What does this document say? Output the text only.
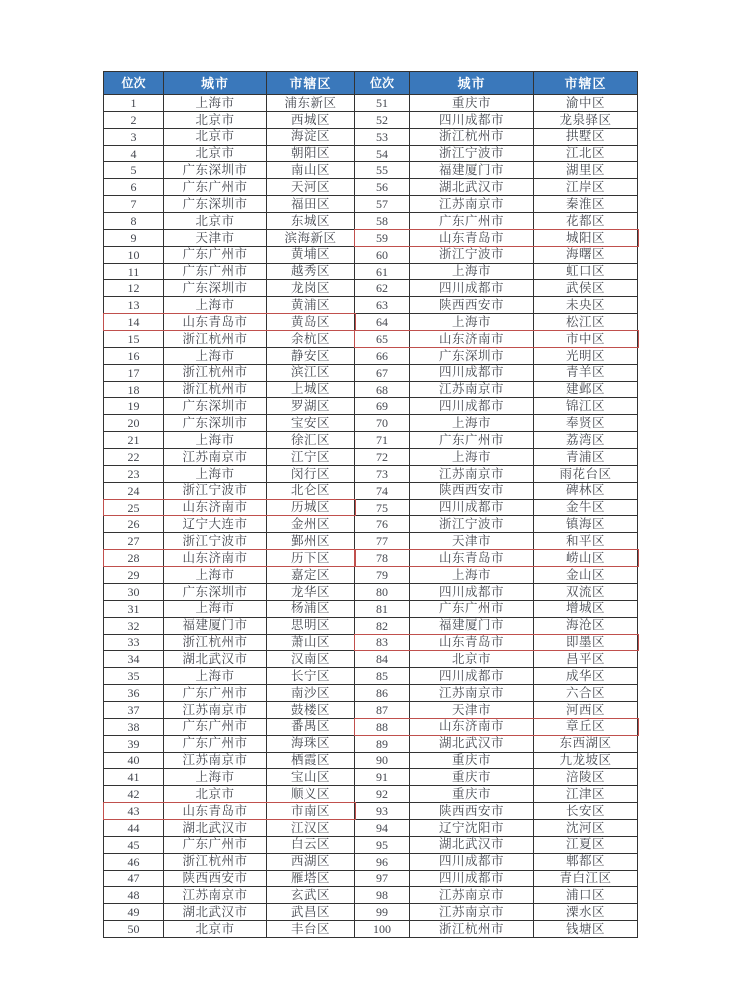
位次	城市	市辖区
1	上海市	浦东新区
2	北京市	西城区
3	北京市	海淀区
4	北京市	朝阳区
5	广东深圳市	南山区
6	广东广州市	天河区
7	广东深圳市	福田区
8	北京市	东城区
9	天津市	滨海新区
10	广东广州市	黄埔区
11	广东广州市	越秀区
12	广东深圳市	龙岗区
13	上海市	黄浦区
14	山东青岛市	黄岛区
15	浙江杭州市	余杭区
16	上海市	静安区
17	浙江杭州市	滨江区
18	浙江杭州市	上城区
19	广东深圳市	罗湖区
20	广东深圳市	宝安区
21	上海市	徐汇区
22	江苏南京市	江宁区
23	上海市	闵行区
24	浙江宁波市	北仑区
25	山东济南市	历城区
26	辽宁大连市	金州区
27	浙江宁波市	鄞州区
28	山东济南市	历下区
29	上海市	嘉定区
30	广东深圳市	龙华区
31	上海市	杨浦区
32	福建厦门市	思明区
33	浙江杭州市	萧山区
34	湖北武汉市	汉南区
35	上海市	长宁区
36	广东广州市	南沙区
37	江苏南京市	鼓楼区
38	广东广州市	番禺区
39	广东广州市	海珠区
40	江苏南京市	栖霞区
41	上海市	宝山区
42	北京市	顺义区
43	山东青岛市	市南区
44	湖北武汉市	江汉区
45	广东广州市	白云区
46	浙江杭州市	西湖区
47	陕西西安市	雁塔区
48	江苏南京市	玄武区
49	湖北武汉市	武昌区
50	北京市	丰台区
位次	城市	市辖区
51	重庆市	渝中区
52	四川成都市	龙泉驿区
53	浙江杭州市	拱墅区
54	浙江宁波市	江北区
55	福建厦门市	湖里区
56	湖北武汉市	江岸区
57	江苏南京市	秦淮区
58	广东广州市	花都区
59	山东青岛市	城阳区
60	浙江宁波市	海曙区
61	上海市	虹口区
62	四川成都市	武侯区
63	陕西西安市	未央区
64	上海市	松江区
65	山东济南市	市中区
66	广东深圳市	光明区
67	四川成都市	青羊区
68	江苏南京市	建邺区
69	四川成都市	锦江区
70	上海市	奉贤区
71	广东广州市	荔湾区
72	上海市	青浦区
73	江苏南京市	雨花台区
74	陕西西安市	碑林区
75	四川成都市	金牛区
76	浙江宁波市	镇海区
77	天津市	和平区
78	山东青岛市	崂山区
79	上海市	金山区
80	四川成都市	双流区
81	广东广州市	增城区
82	福建厦门市	海沧区
83	山东青岛市	即墨区
84	北京市	昌平区
85	四川成都市	成华区
86	江苏南京市	六合区
87	天津市	河西区
88	山东济南市	章丘区
89	湖北武汉市	东西湖区
90	重庆市	九龙坡区
91	重庆市	涪陵区
92	重庆市	江津区
93	陕西西安市	长安区
94	辽宁沈阳市	沈河区
95	湖北武汉市	江夏区
96	四川成都市	郫都区
97	四川成都市	青白江区
98	江苏南京市	浦口区
99	江苏南京市	溧水区
100	浙江杭州市	钱塘区
